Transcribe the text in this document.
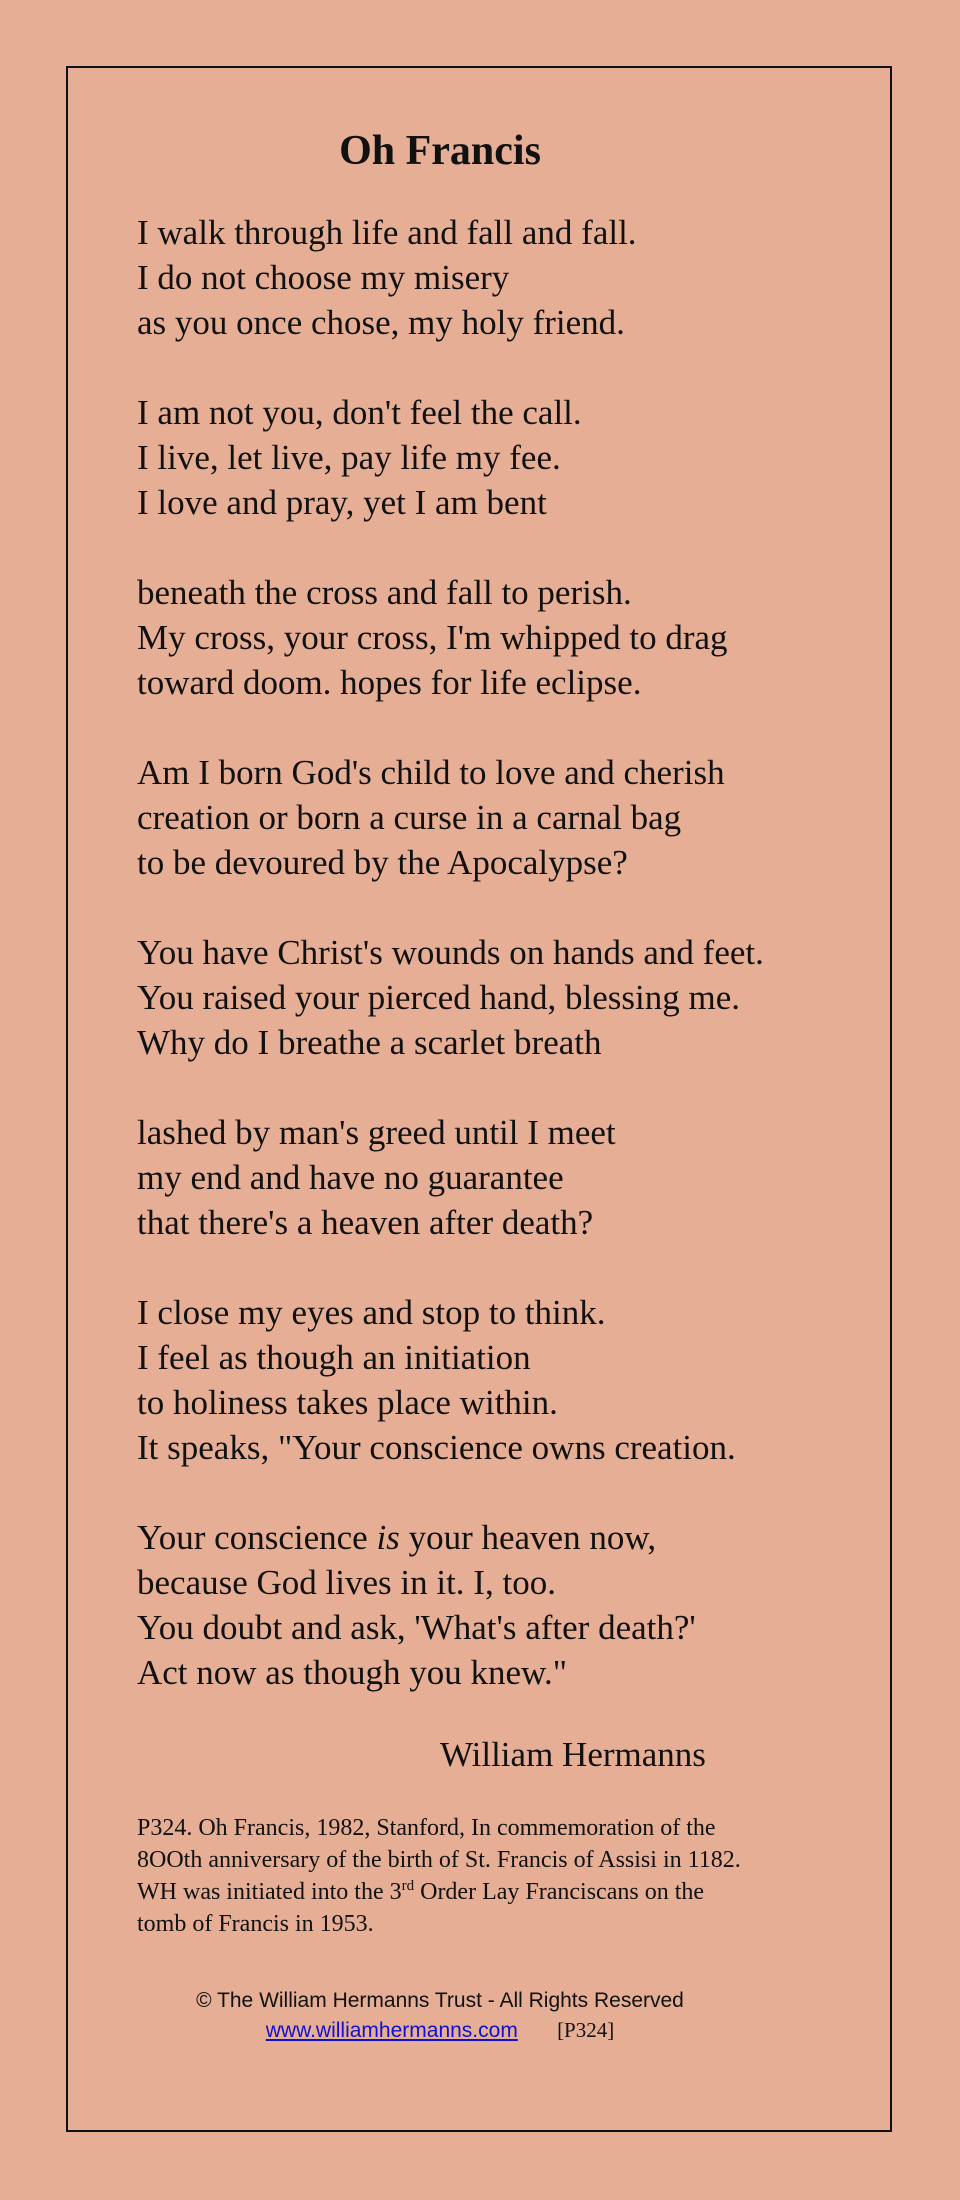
Oh Francis
I walk through life and fall and fall.
I do not choose my misery
as you once chose, my holy friend.
I am not you, don't feel the call.
I live, let live, pay life my fee.
I love and pray, yet I am bent
beneath the cross and fall to perish.
My cross, your cross, I'm whipped to drag
toward doom. hopes for life eclipse.
Am I born God's child to love and cherish
creation or born a curse in a carnal bag
to be devoured by the Apocalypse?
You have Christ's wounds on hands and feet.
You raised your pierced hand, blessing me.
Why do I breathe a scarlet breath
lashed by man's greed until I meet
my end and have no guarantee
that there's a heaven after death?
I close my eyes and stop to think.
I feel as though an initiation
to holiness takes place within.
It speaks, "Your conscience owns creation.
Your conscience is your heaven now,
because God lives in it. I, too.
You doubt and ask, 'What's after death?'
Act now as though you knew."
William Hermanns
P324. Oh Francis, 1982, Stanford, In commemoration of the
8OOth anniversary of the birth of St. Francis of Assisi in 1182.
WH was initiated into the 3rd Order Lay Franciscans on the
tomb of Francis in 1953.
© The William Hermanns Trust - All Rights Reserved
www.williamhermanns.com [P324]
